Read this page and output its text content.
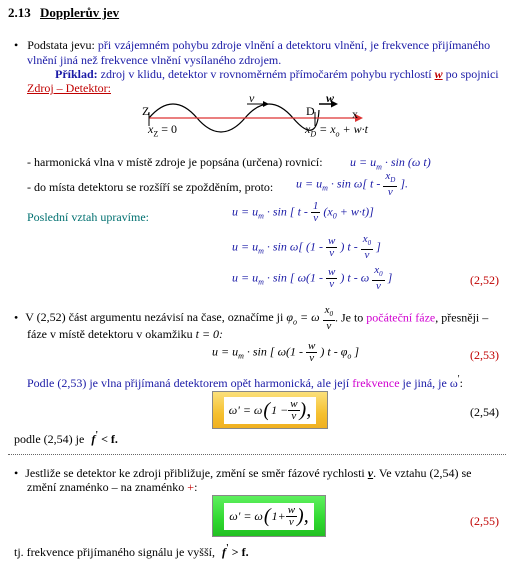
2.13 Dopplerův jev
• Podstata jevu: při vzájemném pohybu zdroje vlnění a detektoru vlnění, je frekvence přijímaného
vlnění jiná než frekvence vlnění vysílaného zdrojem.
Příklad: zdroj v klidu, detektor v rovnoměrném přímočarém pohybu rychlostí w po spojnici
Zdroj – Detektor:
Z	D
v	w
x
$x_Z = 0$	$x_D = x_o + w\cdot t$
- harmonická vlna v místě zdroje je popsána (určena) rovnicí: $u = u_m \cdot \sin (\omega$ t)
- do místa detektoru se rozšíří se zpožděním, proto: $u = u_m \cdot \sin \omega$[ t - $\frac{x_D}{v}$ ].
Poslední vztah upravíme:	$u = u_m \cdot \sin$ [ $t - \frac{1}{v} (x_0 + w\cdot t)$]
$u = u_m \cdot \sin \omega$[ ($1 - \frac{w}{v}$ ) t - $\frac{x_0}{v}$ ]
$u = u_m \cdot \sin$ [ $\omega(1 - \frac{w}{v}$ ) t - ω $\frac{x_0}{v}$ ]	(2,52)
• V (2,52) část argumentu nezávisí na čase, označíme ji $\varphi_o = \omega \frac{x_0}{v}$ . Je to počáteční fáze, přesněji –
fáze v místě detektoru v okamžiku t = 0:
$u = u_m \cdot \sin$ [ $\omega(1 - \frac{w}{v}$ ) t - $\varphi_o$ ]	(2,53)
Podle (2,53) je vlna přijímaná detektorem opět harmonická, ale její frekvence je jiná, je ω':
ω' = ω ( $1 - \frac{w}{v}$ ),	(2,54)
podle (2,54) je f' < f.
• Jestliže se detektor ke zdroji přibližuje, změní se směr fázové rychlosti v. Ve vztahu (2,54) se
změní znaménko – na znaménko +:
ω' = ω ( $1+ \frac{w}{v}$ ),	(2,55)
tj. frekvence přijímaného signálu je vyšší, f' > f.
